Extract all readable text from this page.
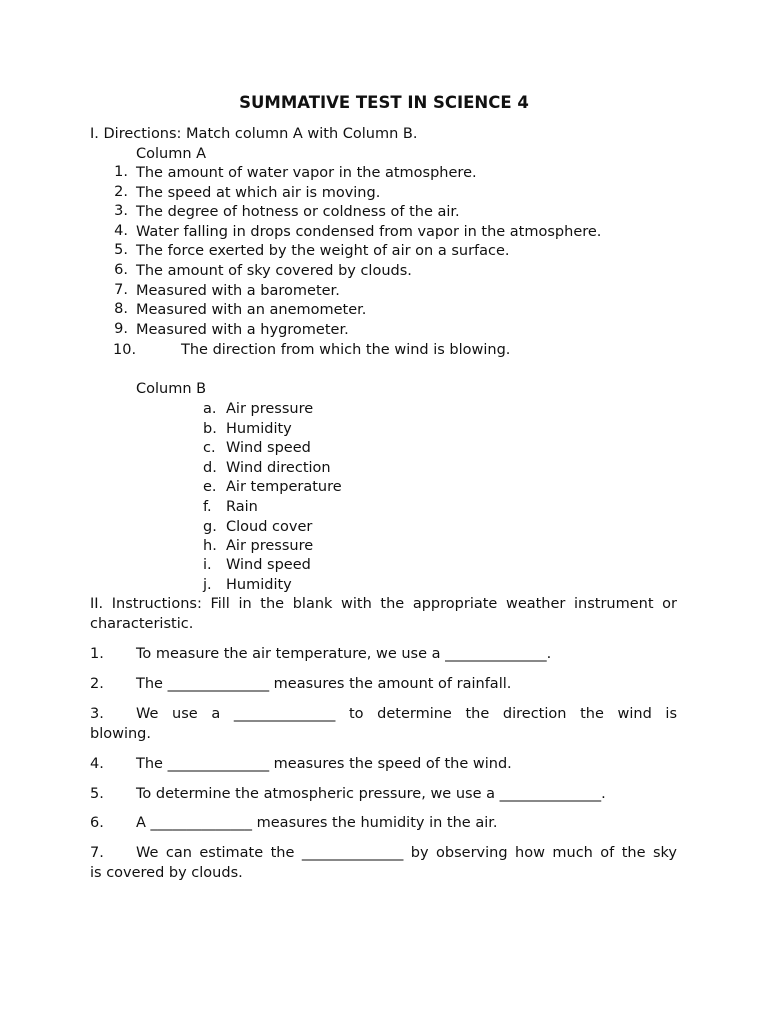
SUMMATIVE TEST IN SCIENCE 4
I. Directions: Match column A with Column B.
Column A
1. The amount of water vapor in the atmosphere.
2. The speed at which air is moving.
3. The degree of hotness or coldness of the air.
4. Water falling in drops condensed from vapor in the atmosphere.
5. The force exerted by the weight of air on a surface.
6. The amount of sky covered by clouds.
7. Measured with a barometer.
8. Measured with an anemometer.
9. Measured with a hygrometer.
10.	The direction from which the wind is blowing.
Column B
a. Air pressure
b. Humidity
c. Wind speed
d. Wind direction
e. Air temperature
f. Rain
g. Cloud cover
h. Air pressure
i. Wind speed
j. Humidity
II. Instructions: Fill in the blank with the appropriate weather instrument or
characteristic.
1. To measure the air temperature, we use a ______________.
2. The ______________ measures the amount of rainfall.
3. We use a ______________ to determine the direction the wind is
blowing.
4. The ______________ measures the speed of the wind.
5. To determine the atmospheric pressure, we use a ______________.
6. A ______________ measures the humidity in the air.
7. We can estimate the ______________ by observing how much of the sky
is covered by clouds.
